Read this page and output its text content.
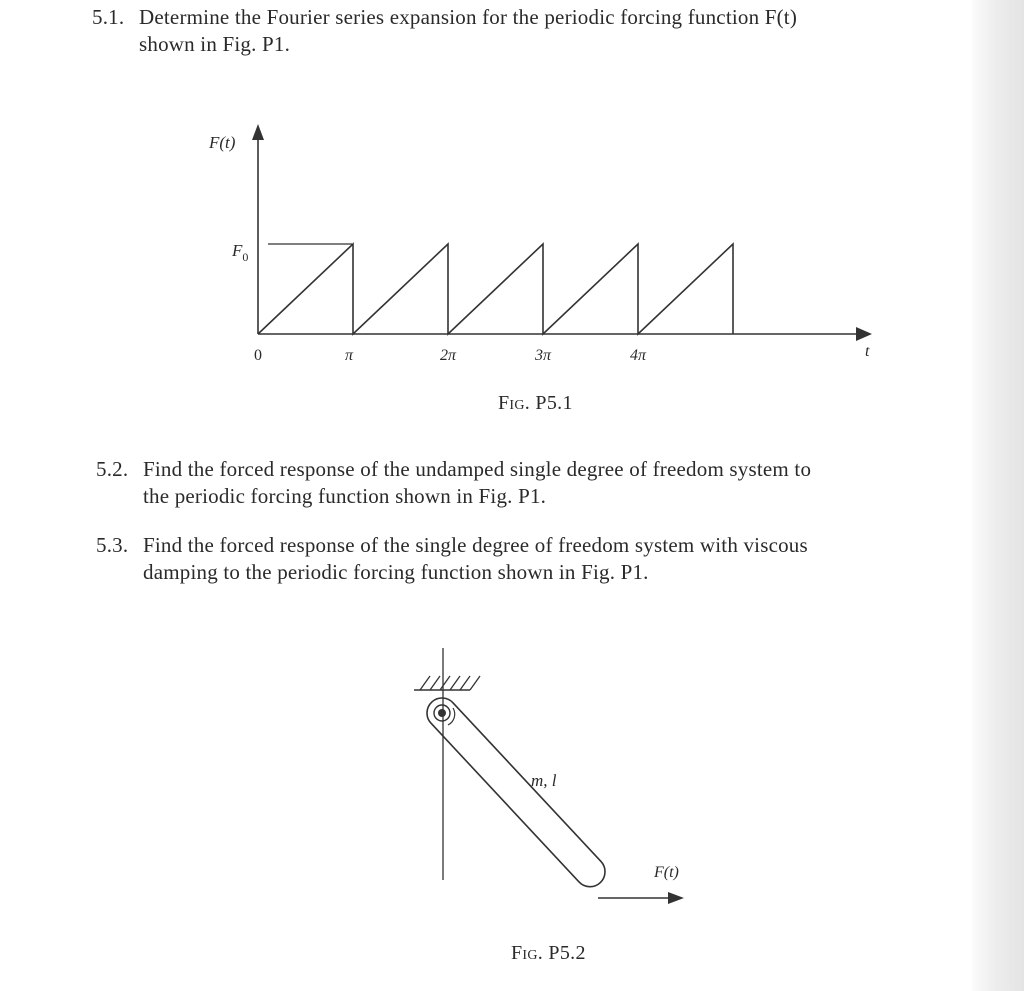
5.1. Determine the Fourier series expansion for the periodic forcing function F(t)
shown in Fig. P1.
F(t)
$F_0$
t
0	π	2π	3π	4π
m, l
F(t)
Fig. P5.1
5.2. Find the forced response of the undamped single degree of freedom system to
the periodic forcing function shown in Fig. P1.
5.3. Find the forced response of the single degree of freedom system with viscous
damping to the periodic forcing function shown in Fig. P1.
Fig. P5.2
